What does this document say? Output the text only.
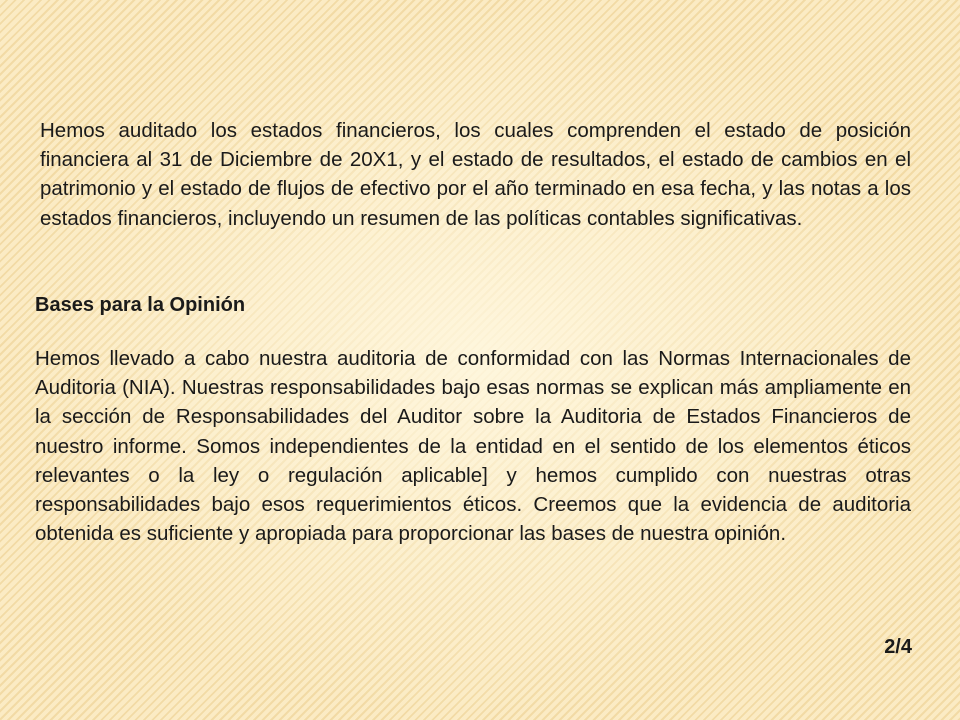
Hemos auditado los estados financieros, los cuales comprenden el estado de posición financiera al 31 de Diciembre de 20X1, y el estado de resultados, el estado de cambios en el patrimonio y el estado de flujos de efectivo por el año terminado en esa fecha, y las notas a los estados financieros, incluyendo un resumen de las políticas contables significativas.

Bases para la Opinión

Hemos llevado a cabo nuestra auditoria de conformidad con las Normas Internacionales de Auditoria (NIA). Nuestras responsabilidades bajo esas normas se explican más ampliamente en la sección de Responsabilidades del Auditor sobre la Auditoria de Estados Financieros de nuestro informe. Somos independientes de la entidad en el sentido de los elementos éticos relevantes o la ley o regulación aplicable] y hemos cumplido con nuestras otras responsabilidades bajo esos requerimientos éticos. Creemos que la evidencia de auditoria obtenida es suficiente y apropiada para proporcionar las bases de nuestra opinión.

2/4
